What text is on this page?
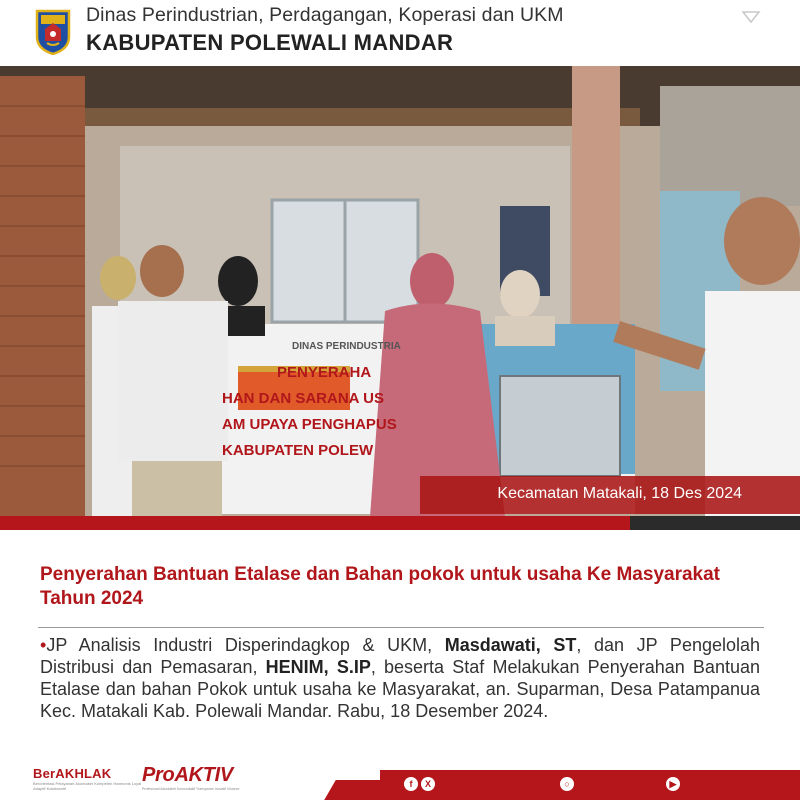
Dinas Perindustrian, Perdagangan, Koperasi dan UKM
KABUPATEN POLEWALI MANDAR
DINAS PERINDUSTRIA
PENYERAHA
HAN DAN SARANA US
AM UPAYA PENGHAPUS
KABUPATEN POLEW
Kecamatan Matakali, 18 Des 2024
Penyerahan Bantuan Etalase dan Bahan pokok untuk usaha Ke Masyarakat Tahun 2024
•JP Analisis Industri Disperindagkop & UKM, Masdawati, ST, dan JP Pengelolah Distribusi dan Pemasaran, HENIM, S.IP, beserta Staf Melakukan Penyerahan Bantuan Etalase dan bahan Pokok untuk usaha ke Masyarakat, an. Suparman, Desa Patampanua Kec. Matakali Kab. Polewali Mandar. Rabu, 18 Desember 2024.
BerAKHLAK
Berorientasi Pelayanan Akuntabel Kompeten Harmonis Loyal Adaptif Kolaboratif
ProAKTIV
Profesional Akuntabel Komunikatif Transparan Inovatif Visioner	f	X	○	▶
